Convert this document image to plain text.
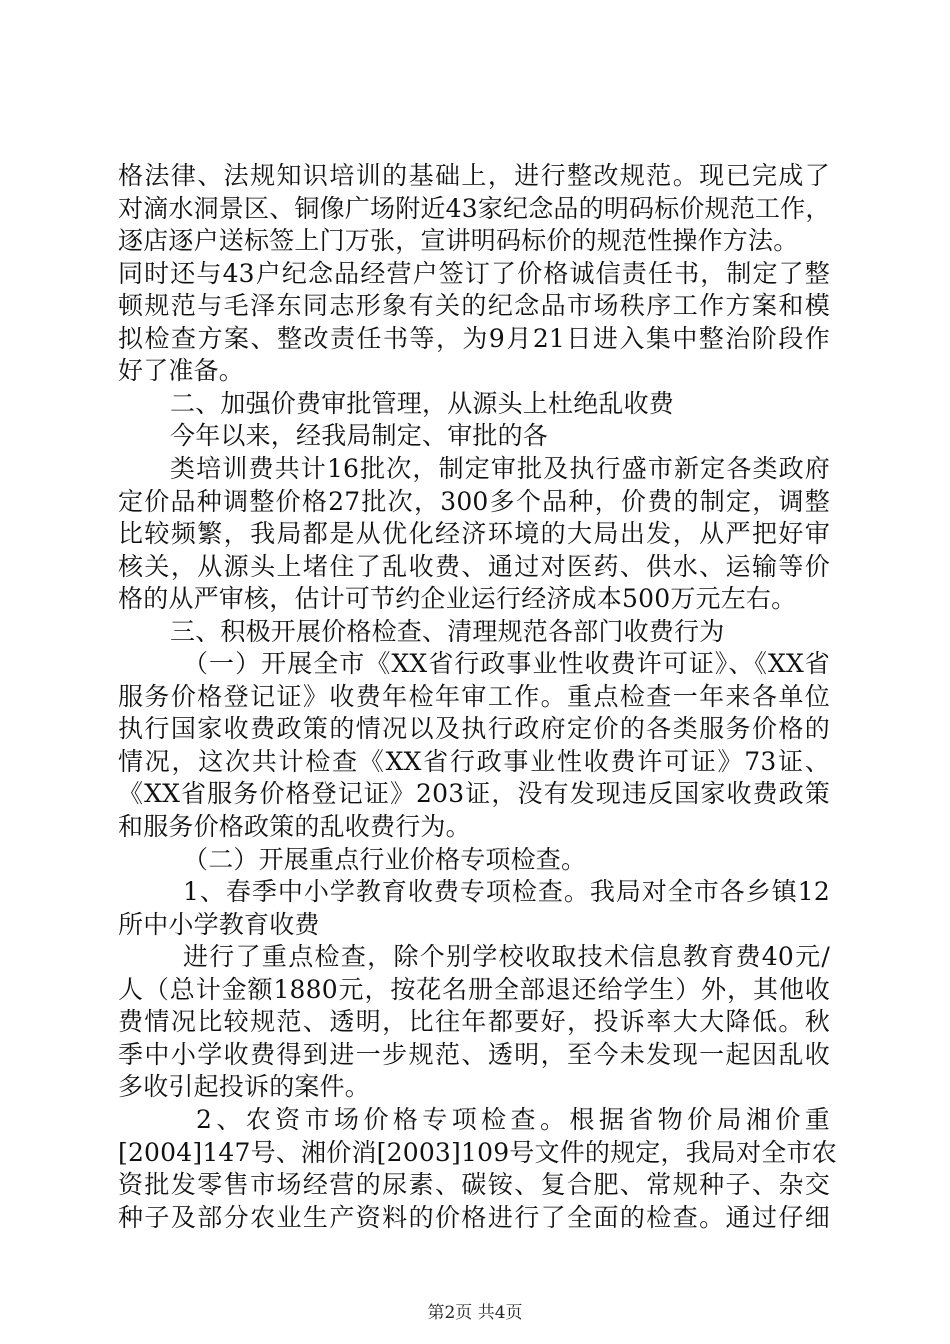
格法律、法规知识培训的基础上，进行整改规范。现已完成了
对滴水洞景区、铜像广场附近43家纪念品的明码标价规范工作，
逐店逐户送标签上门万张，宣讲明码标价的规范性操作方法。
同时还与43户纪念品经营户签订了价格诚信责任书，制定了整
顿规范与毛泽东同志形象有关的纪念品市场秩序工作方案和模
拟检查方案、整改责任书等，为9月21日进入集中整治阶段作
好了准备。
二、加强价费审批管理，从源头上杜绝乱收费
今年以来，经我局制定、审批的各
类培训费共计16批次，制定审批及执行盛市新定各类政府
定价品种调整价格27批次，300多个品种，价费的制定，调整
比较频繁，我局都是从优化经济环境的大局出发，从严把好审
核关，从源头上堵住了乱收费、通过对医药、供水、运输等价
格的从严审核，估计可节约企业运行经济成本500万元左右。
三、积极开展价格检查、清理规范各部门收费行为
（一）开展全市《XX省行政事业性收费许可证》、《XX省
服务价格登记证》收费年检年审工作。重点检查一年来各单位
执行国家收费政策的情况以及执行政府定价的各类服务价格的
情况，这次共计检查《XX省行政事业性收费许可证》73证、
《XX省服务价格登记证》203证，没有发现违反国家收费政策
和服务价格政策的乱收费行为。
（二）开展重点行业价格专项检查。
1、春季中小学教育收费专项检查。我局对全市各乡镇12
所中小学教育收费
进行了重点检查，除个别学校收取技术信息教育费40元/
人（总计金额1880元，按花名册全部退还给学生）外，其他收
费情况比较规范、透明，比往年都要好，投诉率大大降低。秋
季中小学收费得到进一步规范、透明，至今未发现一起因乱收
多收引起投诉的案件。
2、农资市场价格专项检查。根据省物价局湘价重
[2004]147号、湘价消[2003]109号文件的规定，我局对全市农
资批发零售市场经营的尿素、碳铵、复合肥、常规种子、杂交
种子及部分农业生产资料的价格进行了全面的检查。通过仔细
第2页 共4页
